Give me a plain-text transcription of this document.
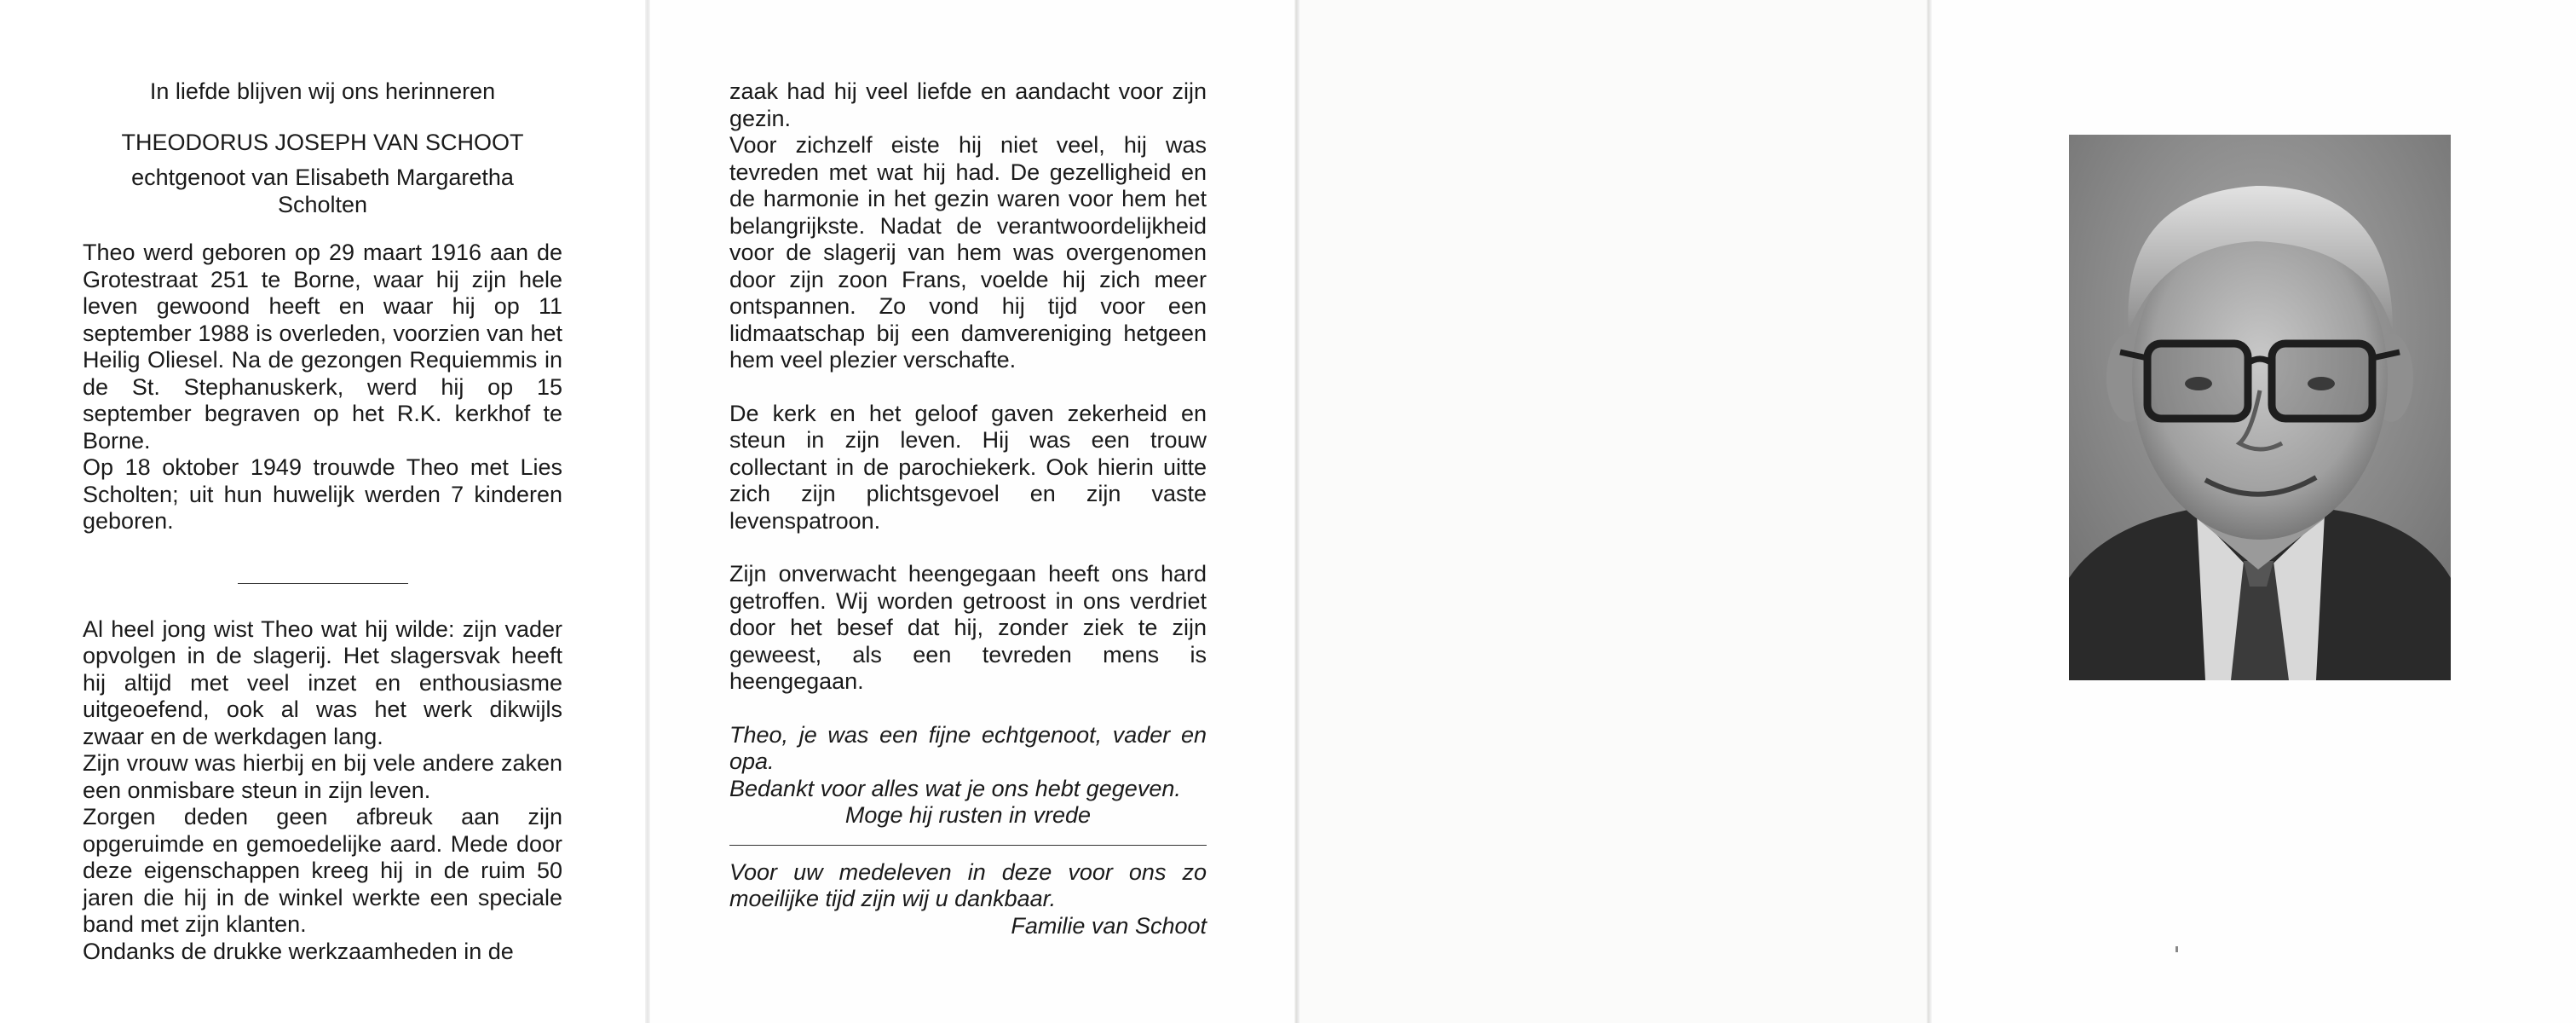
In liefde blijven wij ons herinneren

THEODORUS JOSEPH VAN SCHOOT

echtgenoot van Elisabeth Margaretha

Scholten

Theo werd geboren op 29 maart 1916 aan de Grotestraat 251 te Borne, waar hij zijn hele leven gewoond heeft en waar hij op 11 september 1988 is overleden, voorzien van het Heilig Oliesel. Na de gezongen Requiemmis in de St. Stephanuskerk, werd hij op 15 september begraven op het R.K. kerkhof te Borne.

Op 18 oktober 1949 trouwde Theo met Lies Scholten; uit hun huwelijk werden 7 kinderen geboren.

Al heel jong wist Theo wat hij wilde: zijn vader opvolgen in de slagerij. Het slagersvak heeft hij altijd met veel inzet en enthousiasme uitgeoefend, ook al was het werk dikwijls zwaar en de werkdagen lang.

Zijn vrouw was hierbij en bij vele andere zaken een onmisbare steun in zijn leven.

Zorgen deden geen afbreuk aan zijn opgeruimde en gemoedelijke aard. Mede door deze eigenschappen kreeg hij in de ruim 50 jaren die hij in de winkel werkte een speciale band met zijn klanten.

Ondanks de drukke werkzaamheden in de

zaak had hij veel liefde en aandacht voor zijn gezin.

Voor zichzelf eiste hij niet veel, hij was tevreden met wat hij had. De gezelligheid en de harmonie in het gezin waren voor hem het belangrijkste. Nadat de verantwoordelijkheid voor de slagerij van hem was overgenomen door zijn zoon Frans, voelde hij zich meer ontspannen. Zo vond hij tijd voor een lidmaatschap bij een damvereniging hetgeen hem veel plezier verschafte.

De kerk en het geloof gaven zekerheid en steun in zijn leven. Hij was een trouw collectant in de parochiekerk. Ook hierin uitte zich zijn plichtsgevoel en zijn vaste levenspatroon.

Zijn onverwacht heengegaan heeft ons hard getroffen. Wij worden getroost in ons verdriet door het besef dat hij, zonder ziek te zijn geweest, als een tevreden mens is heengegaan.

Theo, je was een fijne echtgenoot, vader en opa.

Bedankt voor alles wat je ons hebt gegeven.

Moge hij rusten in vrede

Voor uw medeleven in deze voor ons zo moeilijke tijd zijn wij u dankbaar.

Familie van Schoot
